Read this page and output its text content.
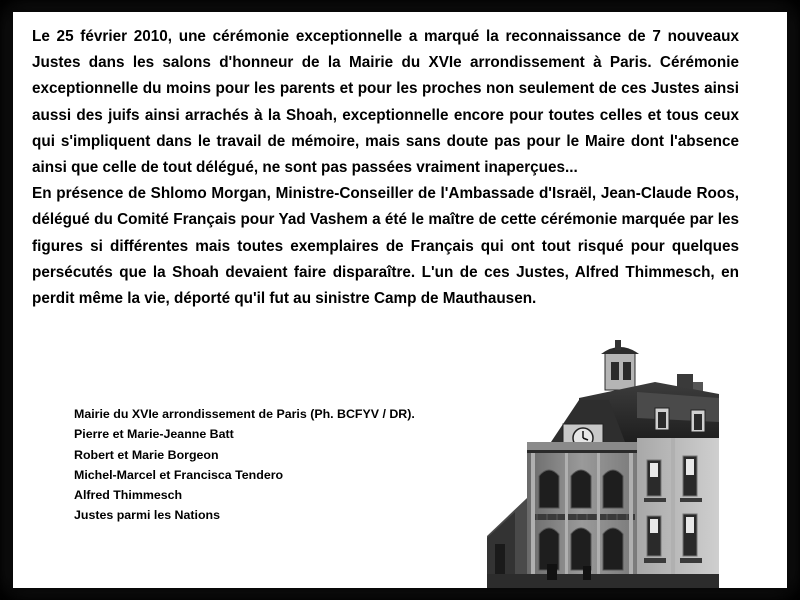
Le 25 février 2010, une cérémonie exceptionnelle a marqué la reconnaissance de 7 nouveaux Justes dans les salons d'honneur de la Mairie du XVIe arrondissement à Paris. Cérémonie exceptionnelle du moins pour les parents et pour les proches non seulement de ces Justes ainsi aussi des juifs ainsi arrachés à la Shoah, exceptionnelle encore pour toutes celles et tous ceux qui s'impliquent dans le travail de mémoire, mais sans doute pas pour le Maire dont l'absence ainsi que celle de tout délégué, ne sont pas passées vraiment inaperçues...

En présence de Shlomo Morgan, Ministre-Conseiller de l'Ambassade d'Israël, Jean-Claude Roos, délégué du Comité Français pour Yad Vashem a été le maître de cette cérémonie marquée par les figures si différentes mais toutes exemplaires de Français qui ont tout risqué pour quelques persécutés que la Shoah devaient faire disparaître. L'un de ces Justes, Alfred Thimmesch, en perdit même la vie, déporté qu'il fut au sinistre Camp de Mauthausen.

Mairie du XVIe arrondissement de Paris (Ph. BCFYV / DR).
Pierre et Marie-Jeanne Batt
Robert et Marie Borgeon
Michel-Marcel et Francisca Tendero
Alfred Thimmesch
Justes parmi les Nations
